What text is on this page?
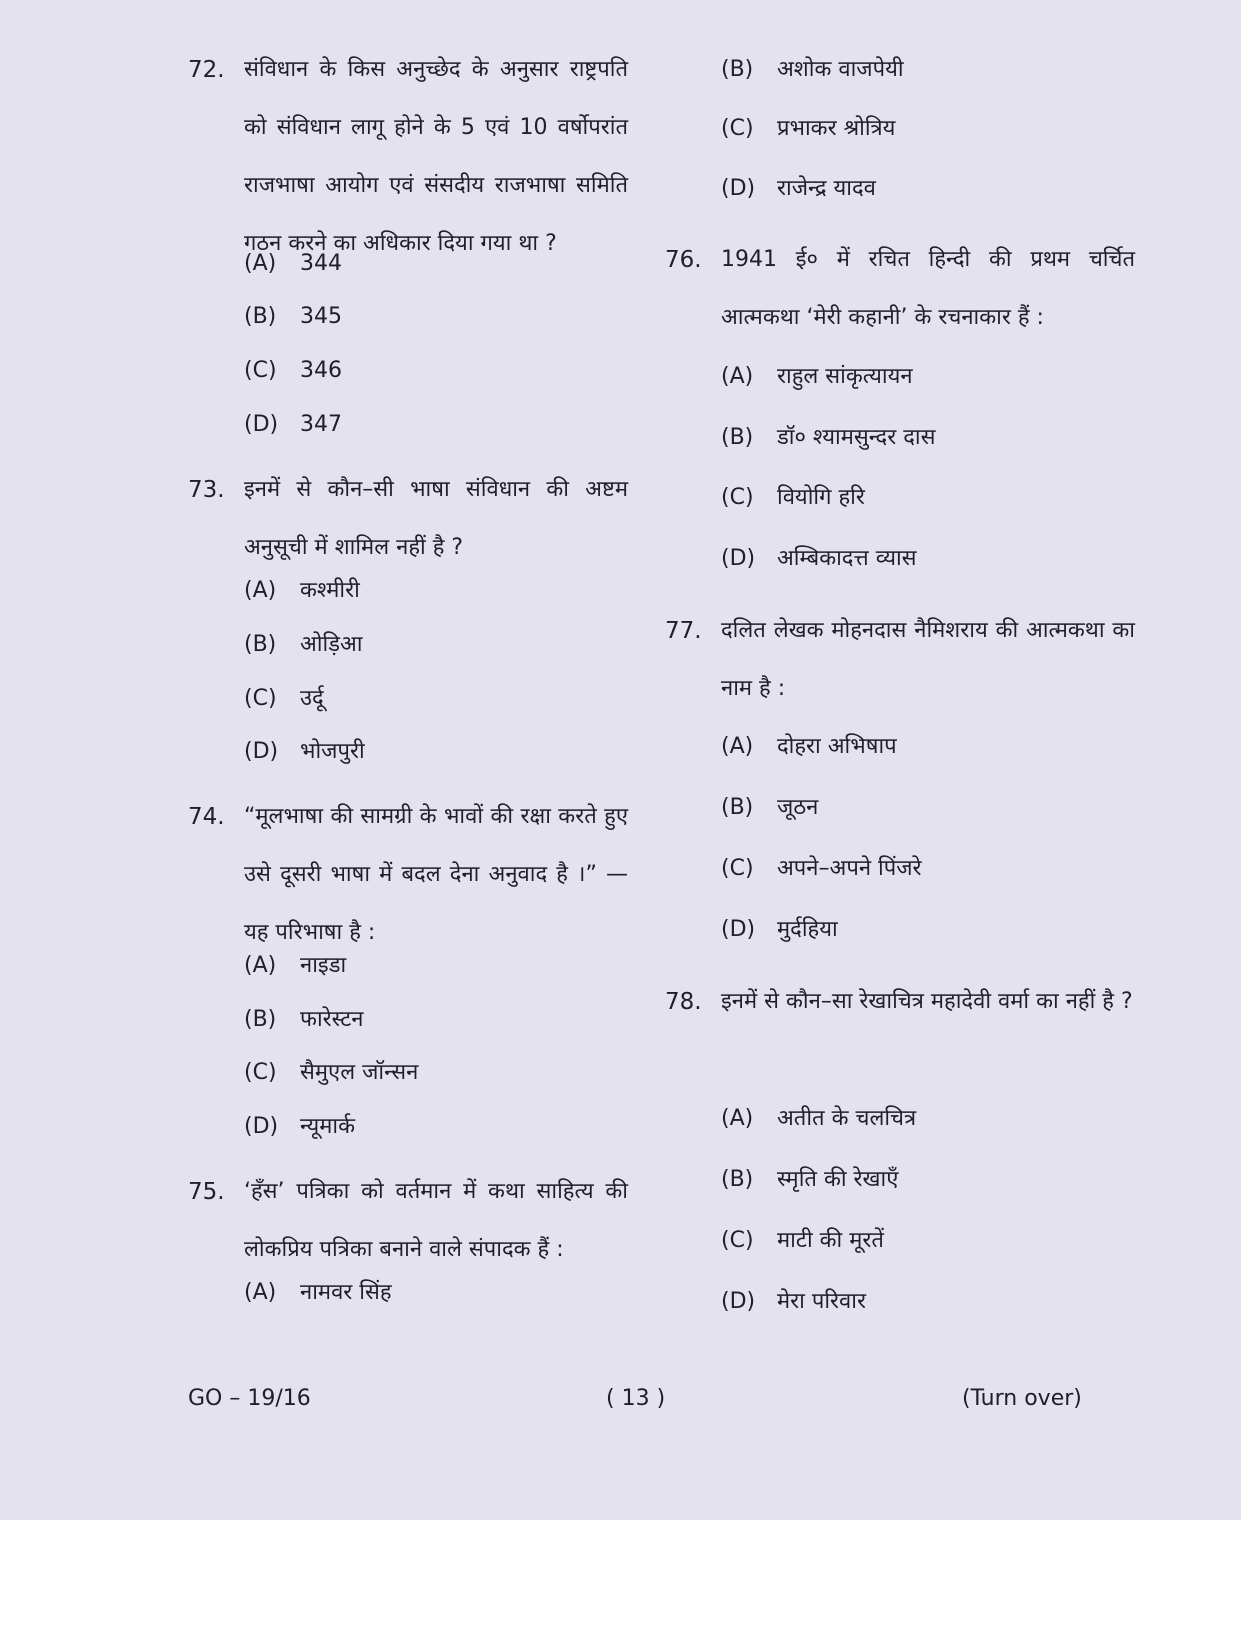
72. संविधान के किस अनुच्छेद के अनुसार राष्ट्रपति को संविधान लागू होने के 5 एवं 10 वर्षोपरांत राजभाषा आयोग एवं संसदीय राजभाषा समिति गठन करने का अधिकार दिया गया था ?
(A) 344
(B) 345
(C) 346
(D) 347
73. इनमें से कौन–सी भाषा संविधान की अष्टम अनुसूची में शामिल नहीं है ?
(A) कश्मीरी
(B) ओड़िआ
(C) उर्दू
(D) भोजपुरी
74. “मूलभाषा की सामग्री के भावों की रक्षा करते हुए उसे दूसरी भाषा में बदल देना अनुवाद है ।” — यह परिभाषा है :
(A) नाइडा
(B) फारेस्टन
(C) सैमुएल जॉन्सन
(D) न्यूमार्क
75. ‘हँस’ पत्रिका को वर्तमान में कथा साहित्य की लोकप्रिय पत्रिका बनाने वाले संपादक हैं :
(A) नामवर सिंह
(B) अशोक वाजपेयी
(C) प्रभाकर श्रोत्रिय
(D) राजेन्द्र यादव
76. 1941 ई० में रचित हिन्दी की प्रथम चर्चित आत्मकथा ‘मेरी कहानी’ के रचनाकार हैं :
(A) राहुल सांकृत्यायन
(B) डॉ० श्यामसुन्दर दास
(C) वियोगि हरि
(D) अम्बिकादत्त व्यास
77. दलित लेखक मोहनदास नैमिशराय की आत्मकथा का नाम है :
(A) दोहरा अभिषाप
(B) जूठन
(C) अपने–अपने पिंजरे
(D) मुर्दहिया
78. इनमें से कौन–सा रेखाचित्र महादेवी वर्मा का नहीं है ?
(A) अतीत के चलचित्र
(B) स्मृति की रेखाएँ
(C) माटी की मूरतें
(D) मेरा परिवार
GO – 19/16	( 13 )	(Turn over)
